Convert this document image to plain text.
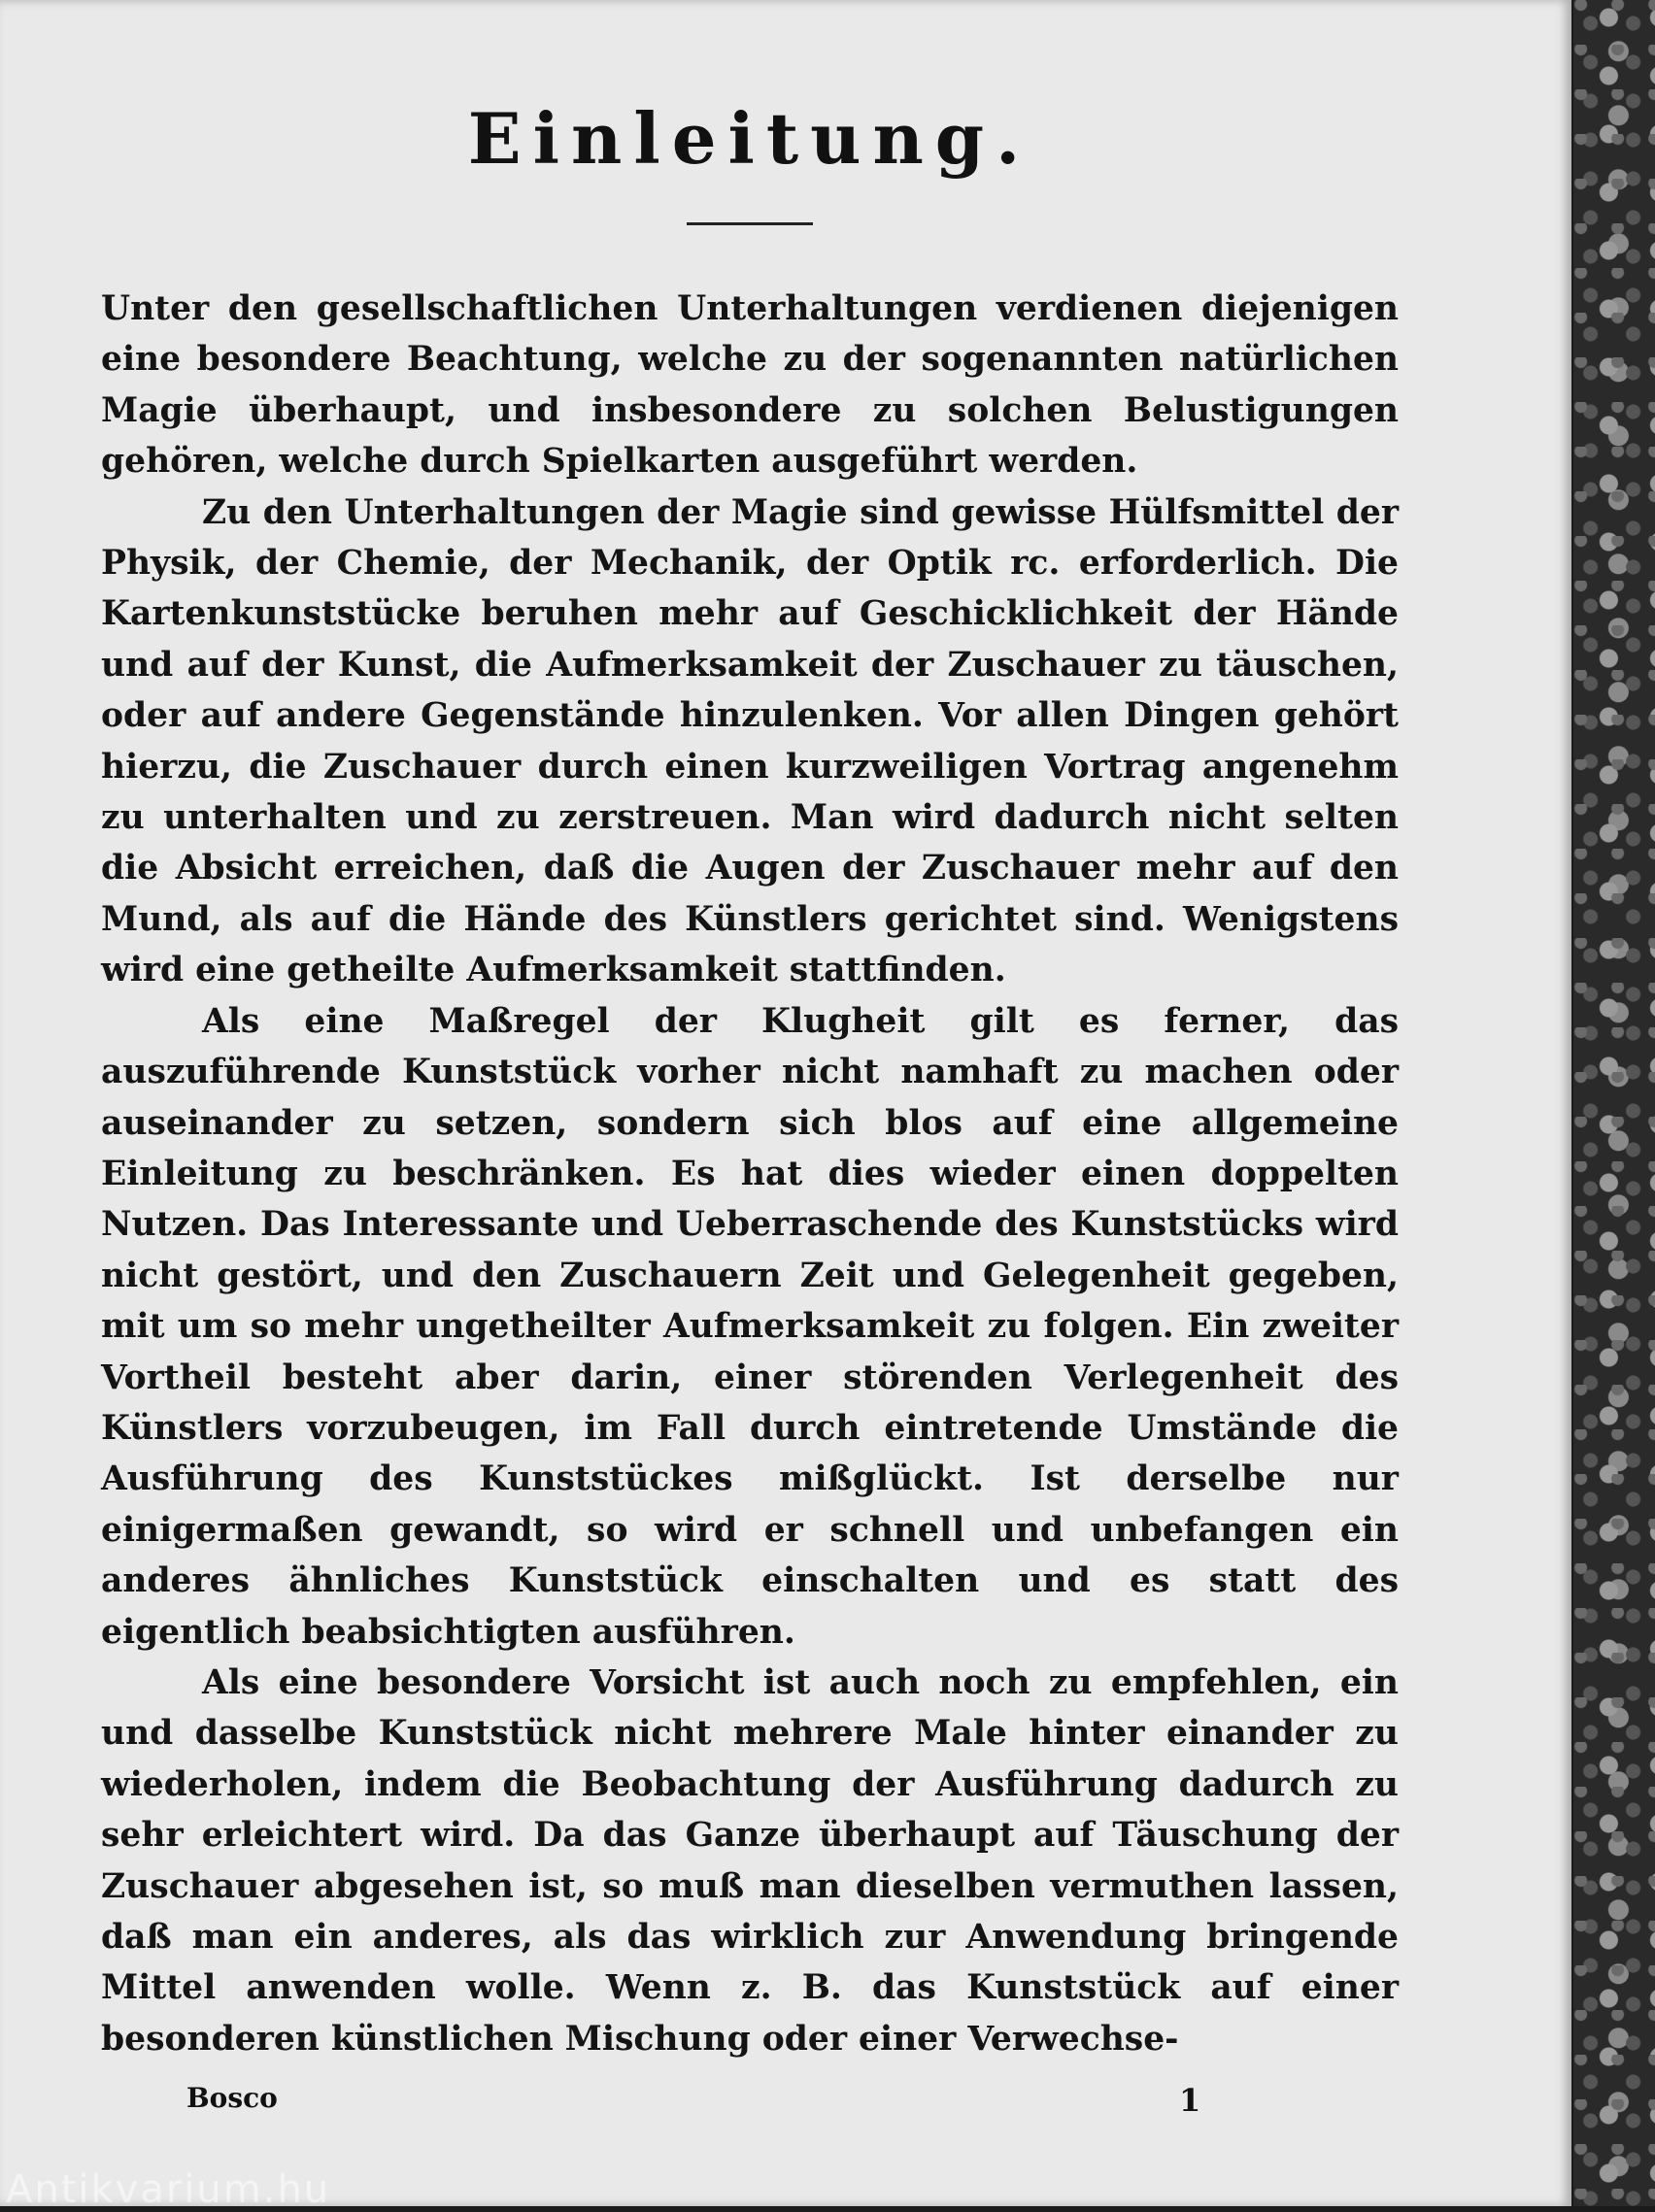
Einleitung.

Unter den gesellschaftlichen Unterhaltungen verdienen diejenigen eine besondere Beachtung, welche zu der sogenannten natürlichen Magie überhaupt, und insbesondere zu solchen Belustigungen gehören, welche durch Spielkarten ausgeführt werden.

Zu den Unterhaltungen der Magie sind gewisse Hülfsmittel der Physik, der Chemie, der Mechanik, der Optik rc. erforderlich. Die Kartenkunststücke beruhen mehr auf Geschicklichkeit der Hände und auf der Kunst, die Aufmerksamkeit der Zuschauer zu täuschen, oder auf andere Gegenstände hinzulenken. Vor allen Dingen gehört hierzu, die Zuschauer durch einen kurzweiligen Vortrag angenehm zu unterhalten und zu zerstreuen. Man wird dadurch nicht selten die Absicht erreichen, daß die Augen der Zuschauer mehr auf den Mund, als auf die Hände des Künstlers gerichtet sind. Wenigstens wird eine getheilte Aufmerksamkeit stattfinden.

Als eine Maßregel der Klugheit gilt es ferner, das auszuführende Kunststück vorher nicht namhaft zu machen oder auseinander zu setzen, sondern sich blos auf eine allgemeine Einleitung zu beschränken. Es hat dies wieder einen doppelten Nutzen. Das Interessante und Ueberraschende des Kunststücks wird nicht gestört, und den Zuschauern Zeit und Gelegenheit gegeben, mit um so mehr ungetheilter Aufmerksamkeit zu folgen. Ein zweiter Vortheil besteht aber darin, einer störenden Verlegenheit des Künstlers vorzubeugen, im Fall durch eintretende Umstände die Ausführung des Kunststückes mißglückt. Ist derselbe nur einigermaßen gewandt, so wird er schnell und unbefangen ein anderes ähnliches Kunststück einschalten und es statt des eigentlich beabsichtigten ausführen.

Als eine besondere Vorsicht ist auch noch zu empfehlen, ein und dasselbe Kunststück nicht mehrere Male hinter einander zu wiederholen, indem die Beobachtung der Ausführung dadurch zu sehr erleichtert wird. Da das Ganze überhaupt auf Täuschung der Zuschauer abgesehen ist, so muß man dieselben vermuthen lassen, daß man ein anderes, als das wirklich zur Anwendung bringende Mittel anwenden wolle. Wenn z. B. das Kunststück auf einer besonderen künstlichen Mischung oder einer Verwechse-

Bosco	1
Antikvarium.hu
